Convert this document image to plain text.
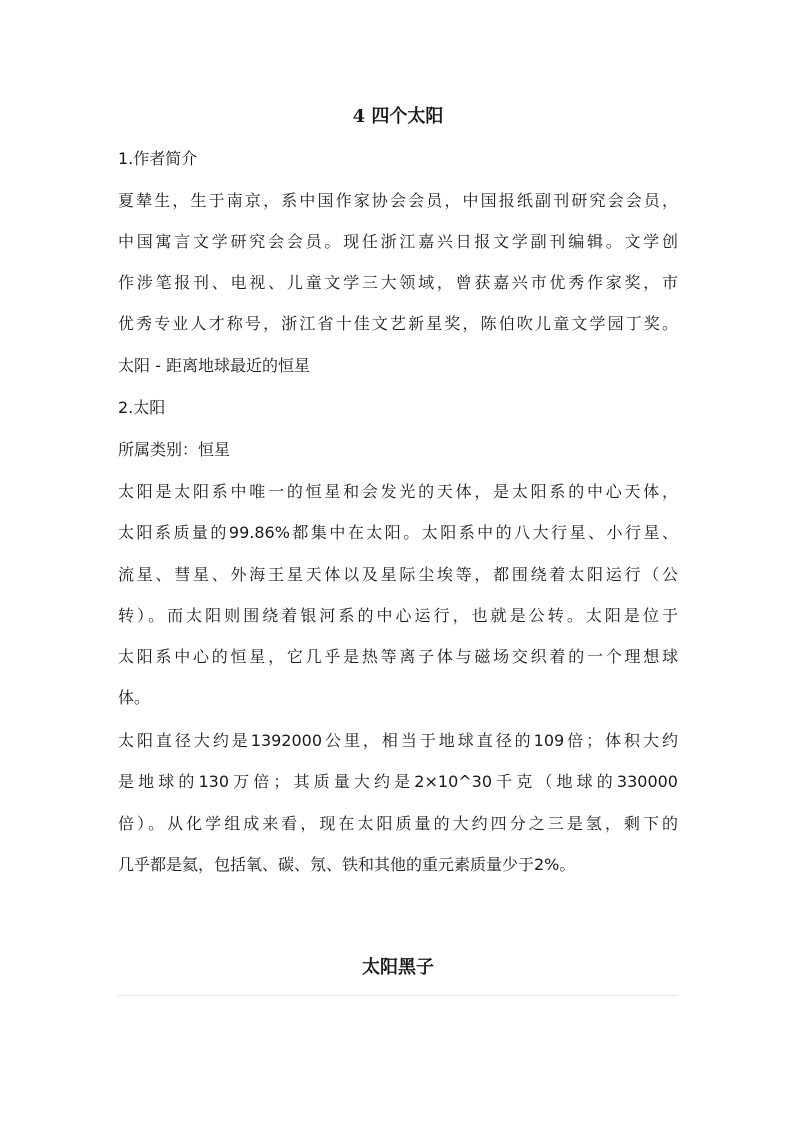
4 四个太阳

1.作者简介

夏辇生，生于南京，系中国作家协会会员，中国报纸副刊研究会会员，

中国寓言文学研究会会员。现任浙江嘉兴日报文学副刊编辑。文学创

作涉笔报刊、电视、儿童文学三大领域，曾获嘉兴市优秀作家奖，市

优秀专业人才称号，浙江省十佳文艺新星奖，陈伯吹儿童文学园丁奖。

太阳 - 距离地球最近的恒星

2.太阳

所属类别：恒星

太阳是太阳系中唯一的恒星和会发光的天体，是太阳系的中心天体，

太阳系质量的99.86%都集中在太阳。太阳系中的八大行星、小行星、

流星、彗星、外海王星天体以及星际尘埃等，都围绕着太阳运行（公

转）。而太阳则围绕着银河系的中心运行，也就是公转。太阳是位于

太阳系中心的恒星，它几乎是热等离子体与磁场交织着的一个理想球

体。

太阳直径大约是1392000公里，相当于地球直径的109倍；体积大约

是地球的130万倍；其质量大约是2×10^30千克（地球的330000

倍）。从化学组成来看，现在太阳质量的大约四分之三是氢，剩下的

几乎都是氦，包括氧、碳、氖、铁和其他的重元素质量少于2%。

太阳黑子
